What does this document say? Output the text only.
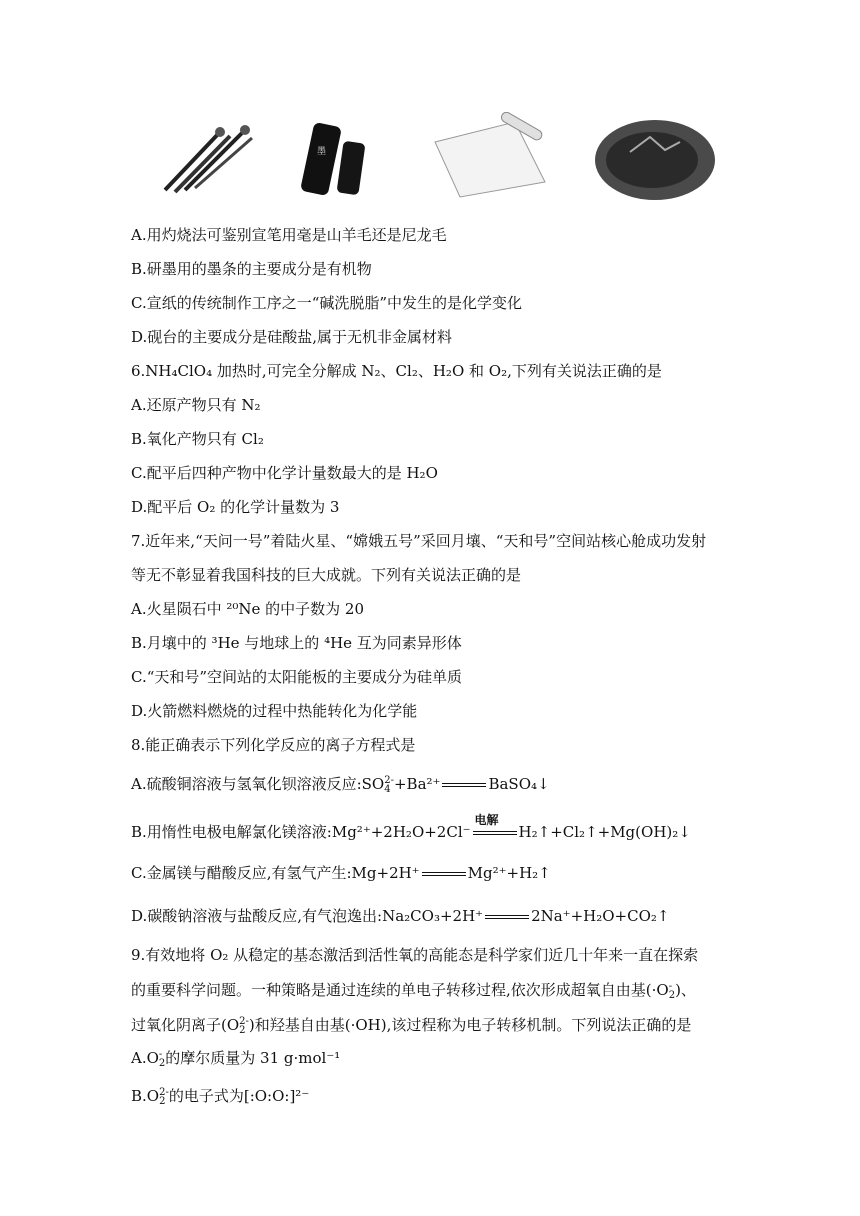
墨
A.用灼烧法可鉴别宣笔用毫是山羊毛还是尼龙毛
B.研墨用的墨条的主要成分是有机物
C.宣纸的传统制作工序之一“碱洗脱脂”中发生的是化学变化
D.砚台的主要成分是硅酸盐,属于无机非金属材料
6.NH₄ClO₄ 加热时,可完全分解成 N₂、Cl₂、H₂O 和 O₂,下列有关说法正确的是
A.还原产物只有 N₂
B.氧化产物只有 Cl₂
C.配平后四种产物中化学计量数最大的是 H₂O
D.配平后 O₂ 的化学计量数为 3
7.近年来,“天问一号”着陆火星、“嫦娥五号”采回月壤、“天和号”空间站核心舱成功发射
等无不彰显着我国科技的巨大成就。下列有关说法正确的是
A.火星陨石中 ²⁰Ne 的中子数为 20
B.月壤中的 ³He 与地球上的 ⁴He 互为同素异形体
C.“天和号”空间站的太阳能板的主要成分为硅单质
D.火箭燃料燃烧的过程中热能转化为化学能
8.能正确表示下列化学反应的离子方程式是
A.硫酸铜溶液与氢氧化钡溶液反应:SO 2-
4 +Ba²⁺	BaSO₄↓
B.用惰性电极电解氯化镁溶液:Mg²⁺+2H₂O+2Cl⁻
电解
H₂↑+Cl₂↑+Mg(OH)₂↓
C.金属镁与醋酸反应,有氢气产生:Mg+2H⁺	Mg²⁺+H₂↑
D.碳酸钠溶液与盐酸反应,有气泡逸出:Na₂CO₃+2H⁺	2Na⁺+H₂O+CO₂↑
9.有效地将 O₂ 从稳定的基态激活到活性氧的高能态是科学家们近几十年来一直在探索
的重要科学问题。一种策略是通过连续的单电子转移过程,依次形成超氧自由基(·O -
2 )、
过氧化阴离子(O 2-
2 )和羟基自由基(·OH),该过程称为电子转移机制。下列说法正确的是
A.O -
2 的摩尔质量为 31 g·mol⁻¹
B.O 2-
2 的电子式为[:O:O:]²⁻
